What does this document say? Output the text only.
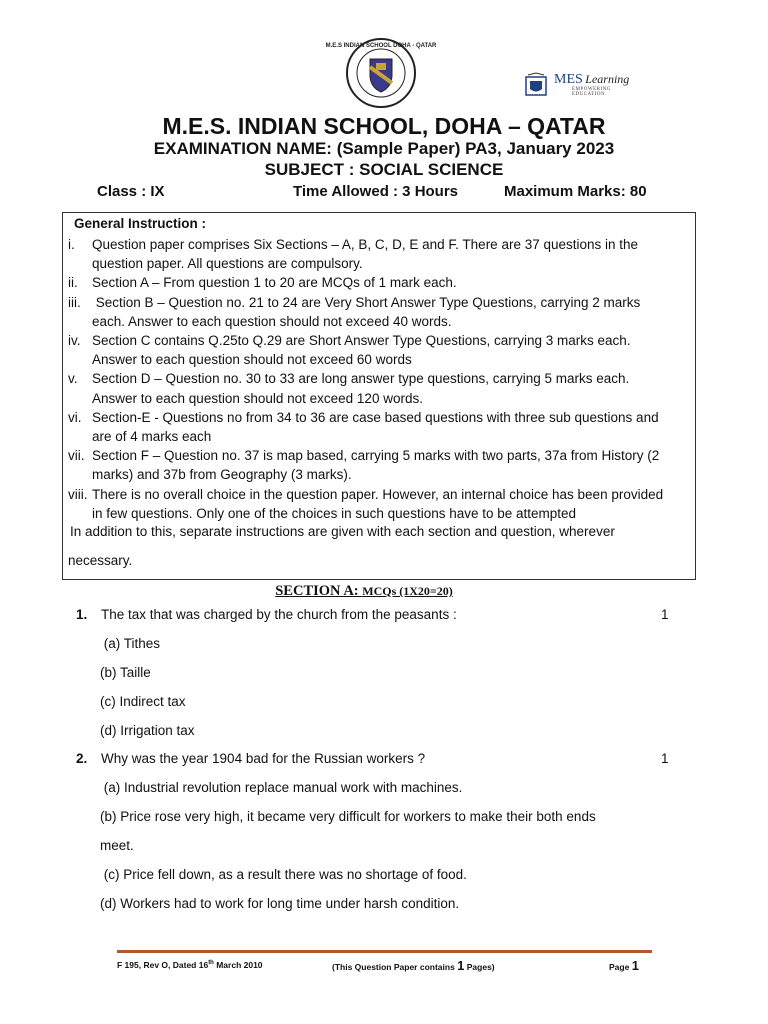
M.E.S INDIAN SCHOOL DOHA - QATAR
MES Learning
EMPOWERING EDUCATION
M.E.S. INDIAN SCHOOL, DOHA – QATAR
EXAMINATION NAME: (Sample Paper) PA3, January 2023
SUBJECT : SOCIAL SCIENCE
Class : IX	Time Allowed : 3 Hours	Maximum Marks: 80
General Instruction :
i. Question paper comprises Six Sections – A, B, C, D, E and F. There are 37 questions in the
question paper. All questions are compulsory.
ii. Section A – From question 1 to 20 are MCQs of 1 mark each.
iii. Section B – Question no. 21 to 24 are Very Short Answer Type Questions, carrying 2 marks
each. Answer to each question should not exceed 40 words.
iv. Section C contains Q.25to Q.29 are Short Answer Type Questions, carrying 3 marks each.
Answer to each question should not exceed 60 words
v. Section D – Question no. 30 to 33 are long answer type questions, carrying 5 marks each.
Answer to each question should not exceed 120 words.
vi. Section-E - Questions no from 34 to 36 are case based questions with three sub questions and
are of 4 marks each
vii. Section F – Question no. 37 is map based, carrying 5 marks with two parts, 37a from History (2
marks) and 37b from Geography (3 marks).
viii. There is no overall choice in the question paper. However, an internal choice has been provided
in few questions. Only one of the choices in such questions have to be attempted
In addition to this, separate instructions are given with each section and question, wherever
necessary.
SECTION A: MCQs (1X20=20)
1. The tax that was charged by the church from the peasants :	1
(a) Tithes
(b) Taille
(c) Indirect tax
(d) Irrigation tax
2. Why was the year 1904 bad for the Russian workers ?	1
(a) Industrial revolution replace manual work with machines.
(b) Price rose very high, it became very difficult for workers to make their both ends
meet.
(c) Price fell down, as a result there was no shortage of food.
(d) Workers had to work for long time under harsh condition.
F 195, Rev O, Dated 16th March 2010	(This Question Paper contains 1 Pages)	Page 1
